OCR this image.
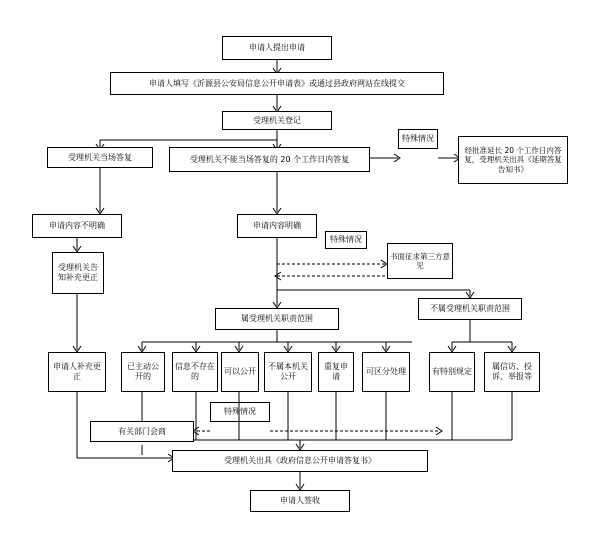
申请人提出申请
申请人填写《沂源县公安局信息公开申请表》或通过县政府网站在线提交
受理机关登记
受理机关当场答复	受理机关不能当场答复的 20 个工作日内答复
特殊情况
经批准延长 20 个工作日内答复，受理机关出具《延期答复告知书》
申请内容不明确	申请内容明确
特殊情况
书面征求第三方意见
受理机关告知补充更正
申请人补充更正
属受理机关职责范围
不属受理机关职责范围
已主动公开的
信息不存在的
可以公开
不属本机关公开
重复申请
可区分处理	有特别规定
属信访、投诉、举报等
特殊情况
有关部门会商
受理机关出具《政府信息公开申请答复书》
申请人签收
